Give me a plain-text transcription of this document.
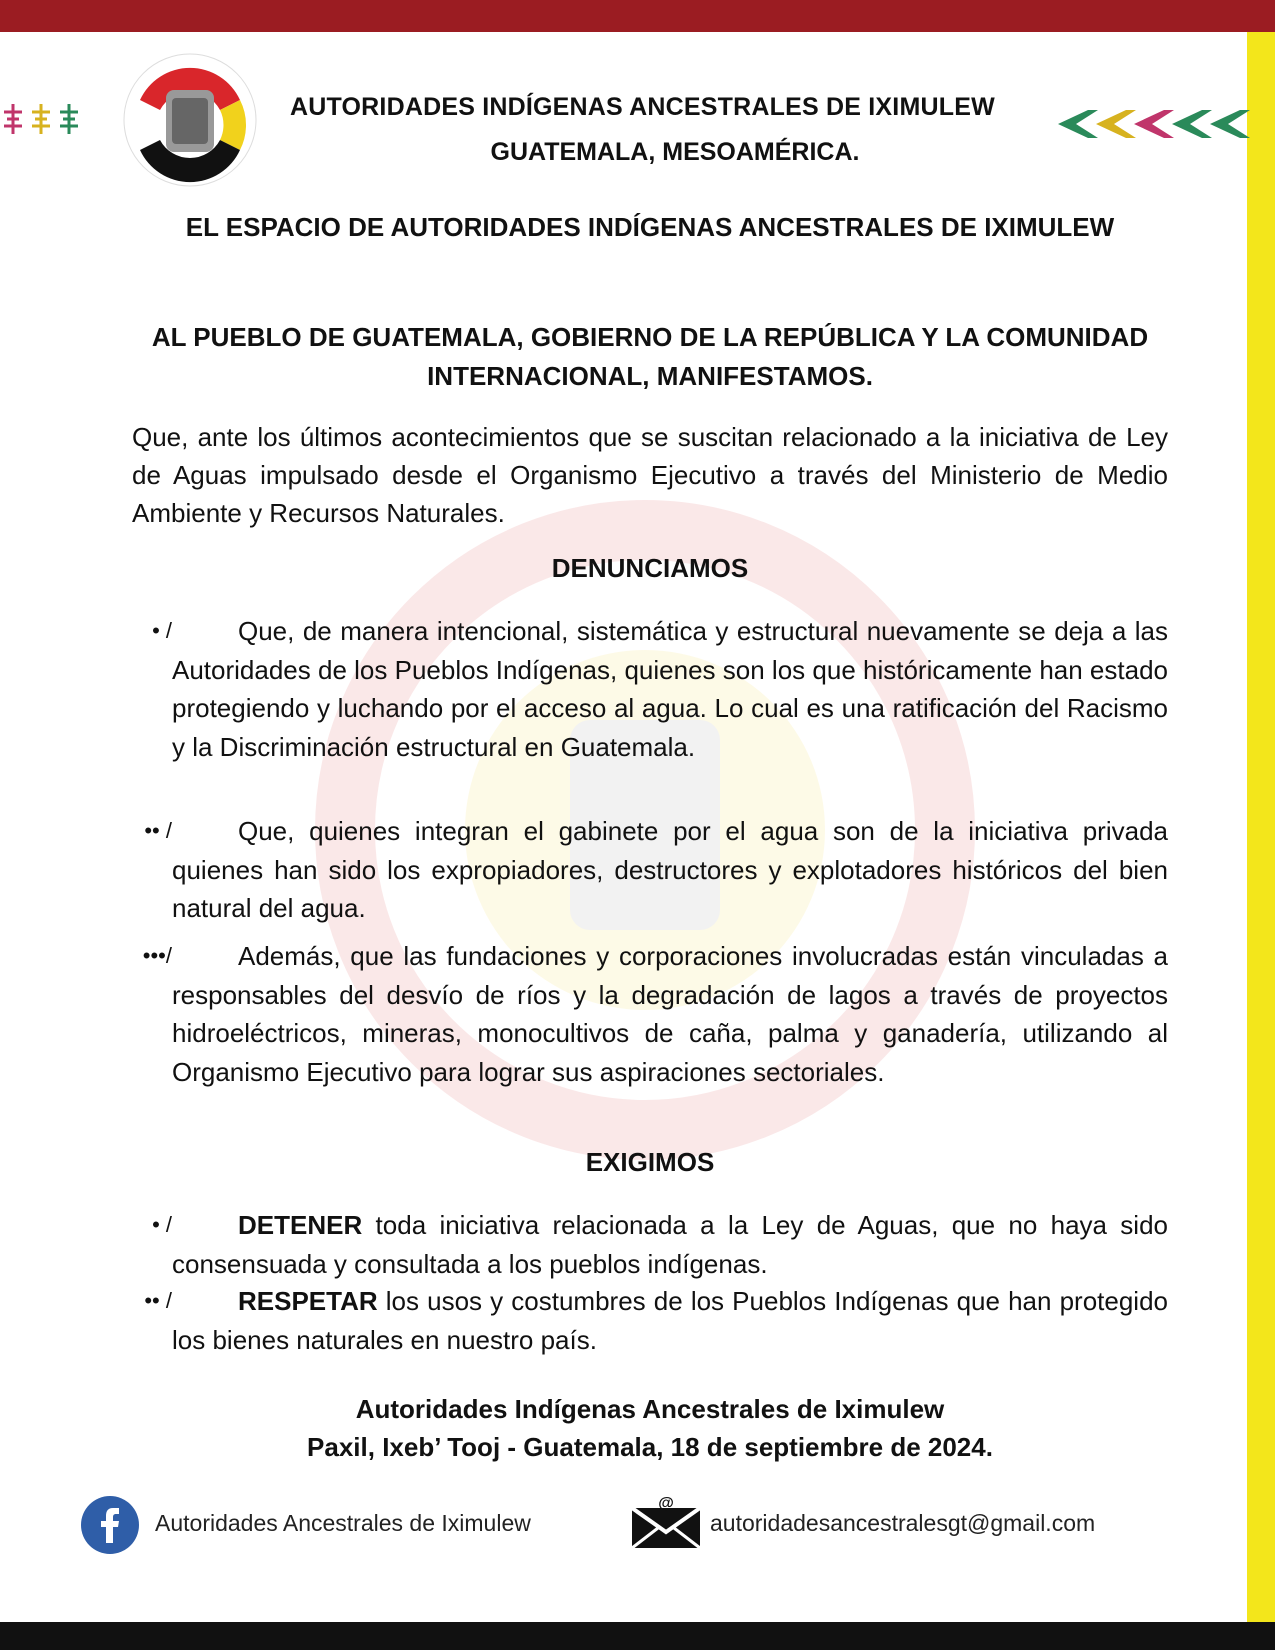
AUTORIDADES INDÍGENAS ANCESTRALES DE IXIMULEW
GUATEMALA, MESOAMÉRICA.
EL ESPACIO DE AUTORIDADES INDÍGENAS ANCESTRALES DE IXIMULEW
AL PUEBLO DE GUATEMALA, GOBIERNO DE LA REPÚBLICA Y LA COMUNIDAD INTERNACIONAL, MANIFESTAMOS.
Que, ante los últimos acontecimientos que se suscitan relacionado a la iniciativa de Ley de Aguas impulsado desde el Organismo Ejecutivo a través del Ministerio de Medio Ambiente y Recursos Naturales.
DENUNCIAMOS
• /	Que, de manera intencional, sistemática y estructural nuevamente se deja a las Autoridades de los Pueblos Indígenas, quienes son los que históricamente han estado protegiendo y luchando por el acceso al agua. Lo cual es una ratificación del Racismo y la Discriminación estructural en Guatemala.
•• /	Que, quienes integran el gabinete por el agua son de la iniciativa privada quienes han sido los expropiadores, destructores y explotadores históricos del bien natural del agua.
•••/	Además, que las fundaciones y corporaciones involucradas están vinculadas a responsables del desvío de ríos y la degradación de lagos a través de proyectos hidroeléctricos, mineras, monocultivos de caña, palma y ganadería, utilizando al Organismo Ejecutivo para lograr sus aspiraciones sectoriales.
EXIGIMOS
• /	DETENER toda iniciativa relacionada a la Ley de Aguas, que no haya sido consensuada y consultada a los pueblos indígenas.
•• /	RESPETAR los usos y costumbres de los Pueblos Indígenas que han protegido los bienes naturales en nuestro país.
Autoridades Indígenas Ancestrales de Iximulew
Paxil, Ixeb’ Tooj - Guatemala, 18 de septiembre de 2024.
Autoridades Ancestrales de Iximulew
@
autoridadesancestralesgt@gmail.com
